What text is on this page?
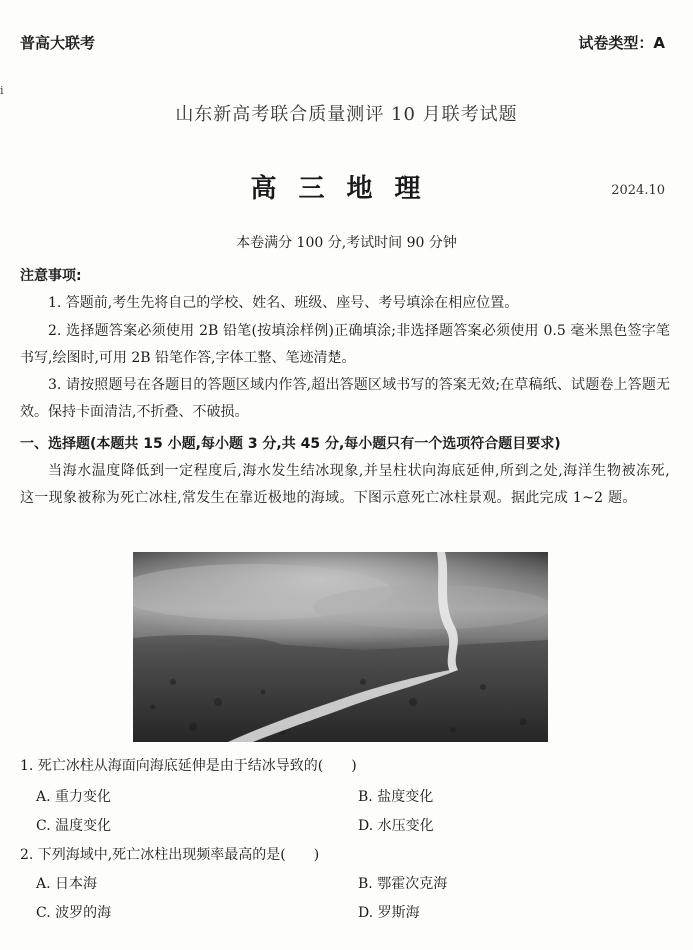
普高大联考	试卷类型：A
i
山东新高考联合质量测评 10 月联考试题
高三地理	2024.10
本卷满分 100 分,考试时间 90 分钟
注意事项:
1. 答题前,考生先将自己的学校、姓名、班级、座号、考号填涂在相应位置。
2. 选择题答案必须使用 2B 铅笔(按填涂样例)正确填涂;非选择题答案必须使用 0.5 毫米黑色签字笔书写,绘图时,可用 2B 铅笔作答,字体工整、笔迹清楚。
3. 请按照题号在各题目的答题区域内作答,超出答题区域书写的答案无效;在草稿纸、试题卷上答题无效。保持卡面清洁,不折叠、不破损。
一、选择题(本题共 15 小题,每小题 3 分,共 45 分,每小题只有一个选项符合题目要求)
当海水温度降低到一定程度后,海水发生结冰现象,并呈柱状向海底延伸,所到之处,海洋生物被冻死,这一现象被称为死亡冰柱,常发生在靠近极地的海域。下图示意死亡冰柱景观。据此完成 1~2 题。
1. 死亡冰柱从海面向海底延伸是由于结冰导致的(　　)
A. 重力变化	B. 盐度变化
C. 温度变化	D. 水压变化
2. 下列海域中,死亡冰柱出现频率最高的是(　　)
A. 日本海	B. 鄂霍次克海
C. 波罗的海	D. 罗斯海
